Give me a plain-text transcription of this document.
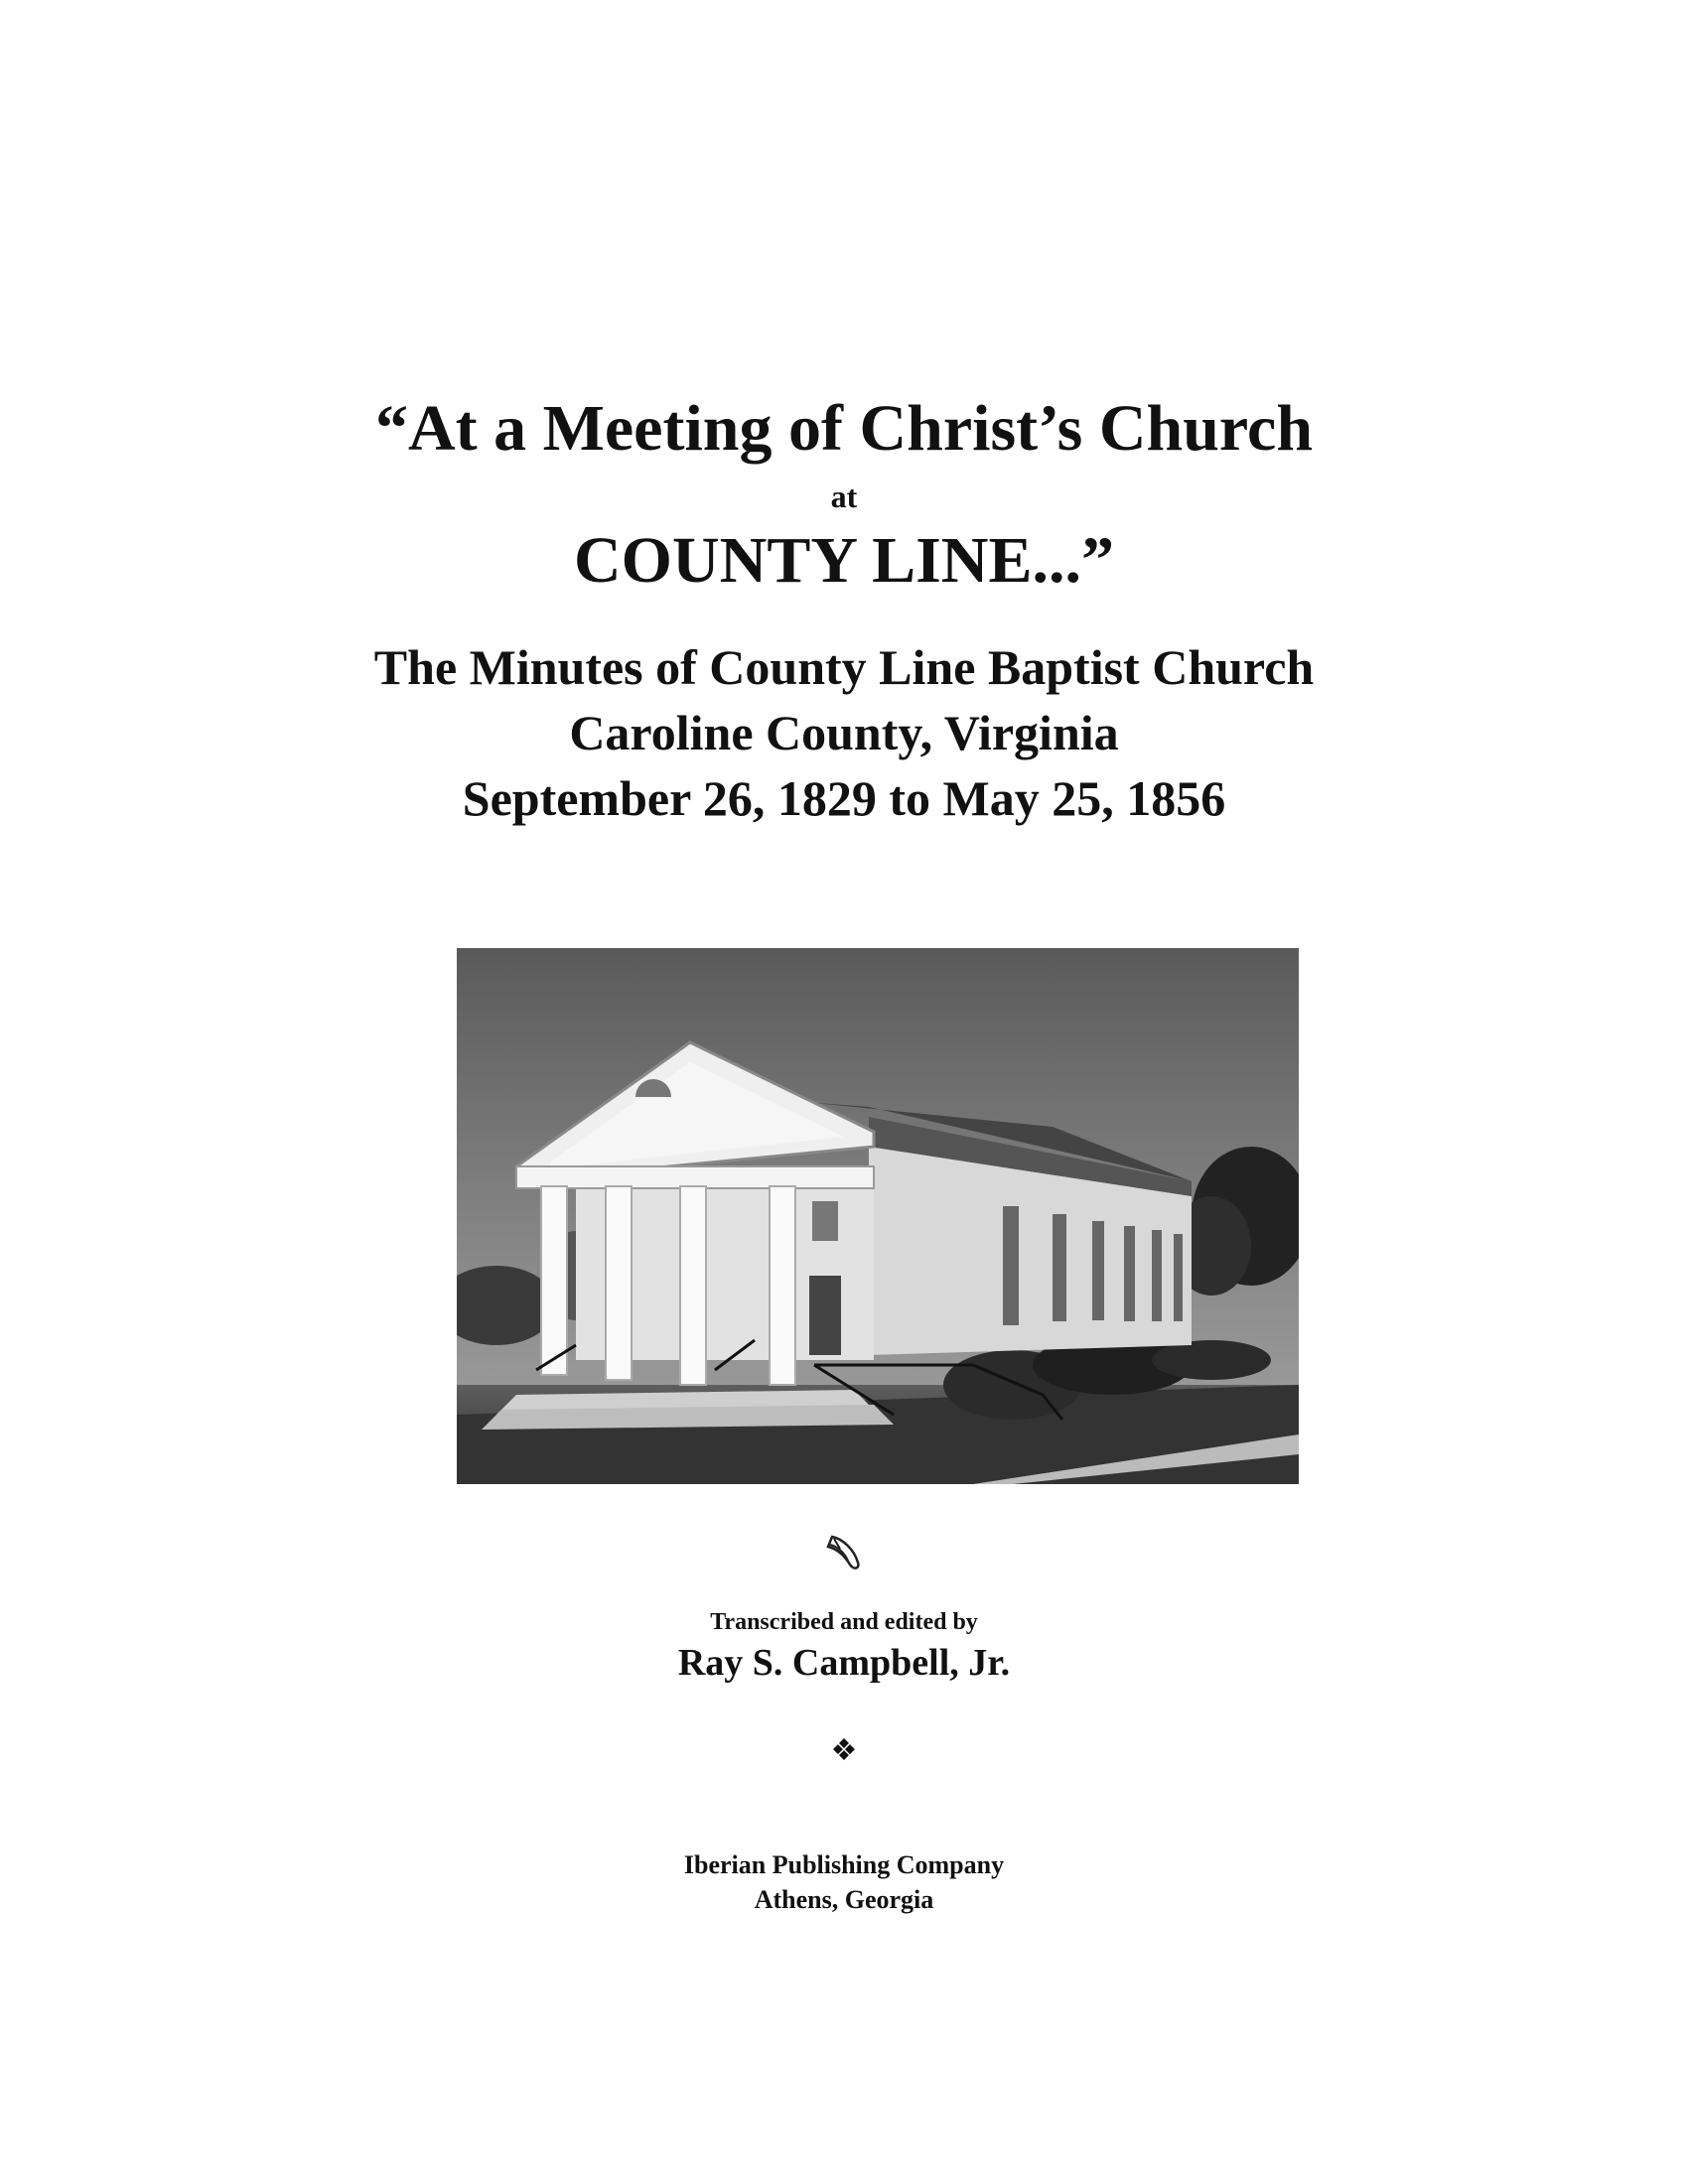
“At a Meeting of Christ’s Church
at
COUNTY LINE...”
The Minutes of County Line Baptist Church
Caroline County, Virginia
September 26, 1829 to May 25, 1856
Transcribed and edited by
Ray S. Campbell, Jr.
❖
Iberian Publishing Company
Athens, Georgia
